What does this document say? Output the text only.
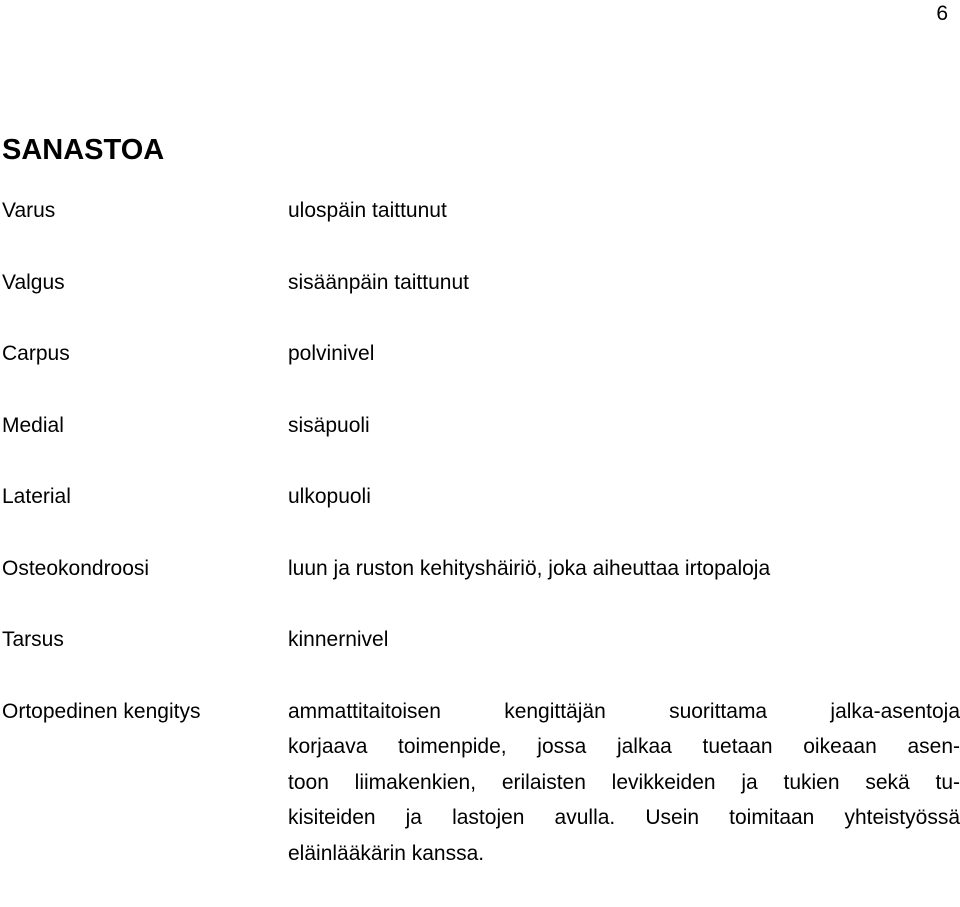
6
SANASTOA
Varus	ulospäin taittunut
Valgus	sisäänpäin taittunut
Carpus	polvinivel
Medial	sisäpuoli
Laterial	ulkopuoli
Osteokondroosi	luun ja ruston kehityshäiriö, joka aiheuttaa irtopaloja
Tarsus	kinnernivel
Ortopedinen kengitys	ammattitaitoisen kengittäjän suorittama jalka-asentoja
korjaava toimenpide, jossa jalkaa tuetaan oikeaan asen-
toon liimakenkien, erilaisten levikkeiden ja tukien sekä tu-
kisiteiden ja lastojen avulla. Usein toimitaan yhteistyössä
eläinlääkärin kanssa.
